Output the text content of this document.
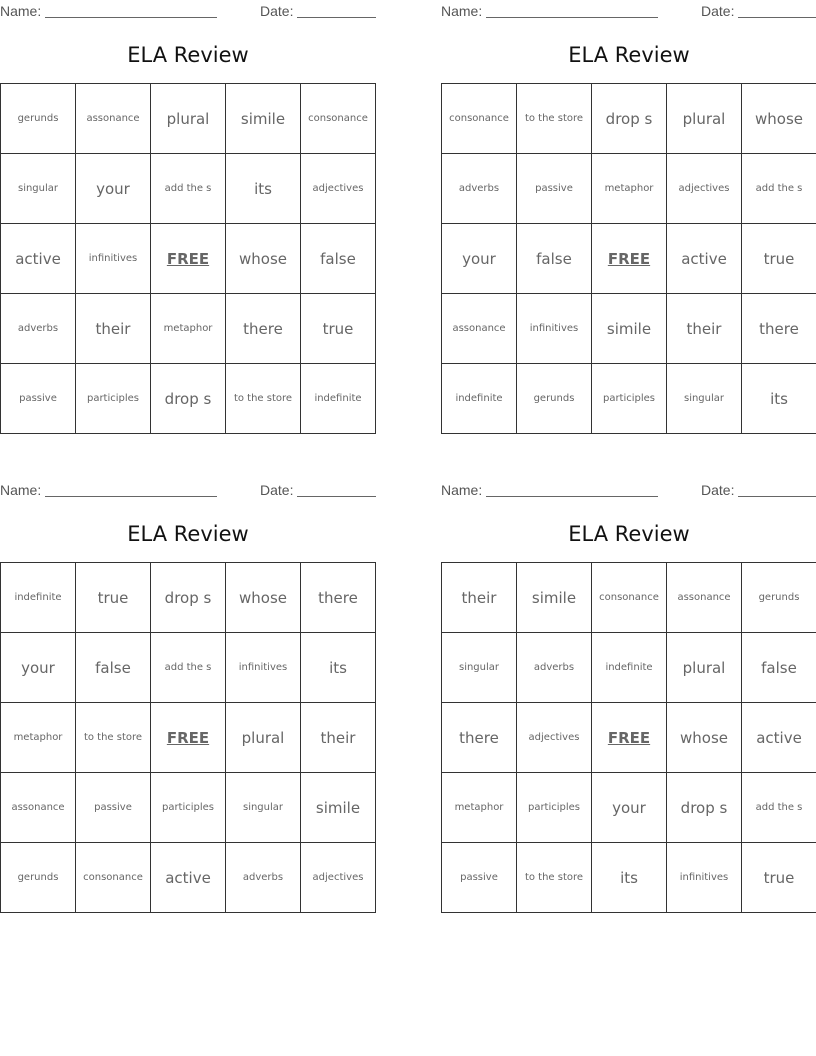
Name:	Date:
ELA Review
gerunds	assonance	plural	simile	consonance
singular	your	add the s	its	adjectives
active	infinitives	FREE	whose	false
adverbs	their	metaphor	there	true
passive	participles	drop s	to the store	indefinite
Name:	Date:
ELA Review
consonance	to the store	drop s	plural	whose
adverbs	passive	metaphor	adjectives	add the s
your	false	FREE	active	true
assonance	infinitives	simile	their	there
indefinite	gerunds	participles	singular	its
Name:	Date:
ELA Review
indefinite	true	drop s	whose	there
your	false	add the s	infinitives	its
metaphor	to the store	FREE	plural	their
assonance	passive	participles	singular	simile
gerunds	consonance	active	adverbs	adjectives
Name:	Date:
ELA Review
their	simile	consonance	assonance	gerunds
singular	adverbs	indefinite	plural	false
there	adjectives	FREE	whose	active
metaphor	participles	your	drop s	add the s
passive	to the store	its	infinitives	true
